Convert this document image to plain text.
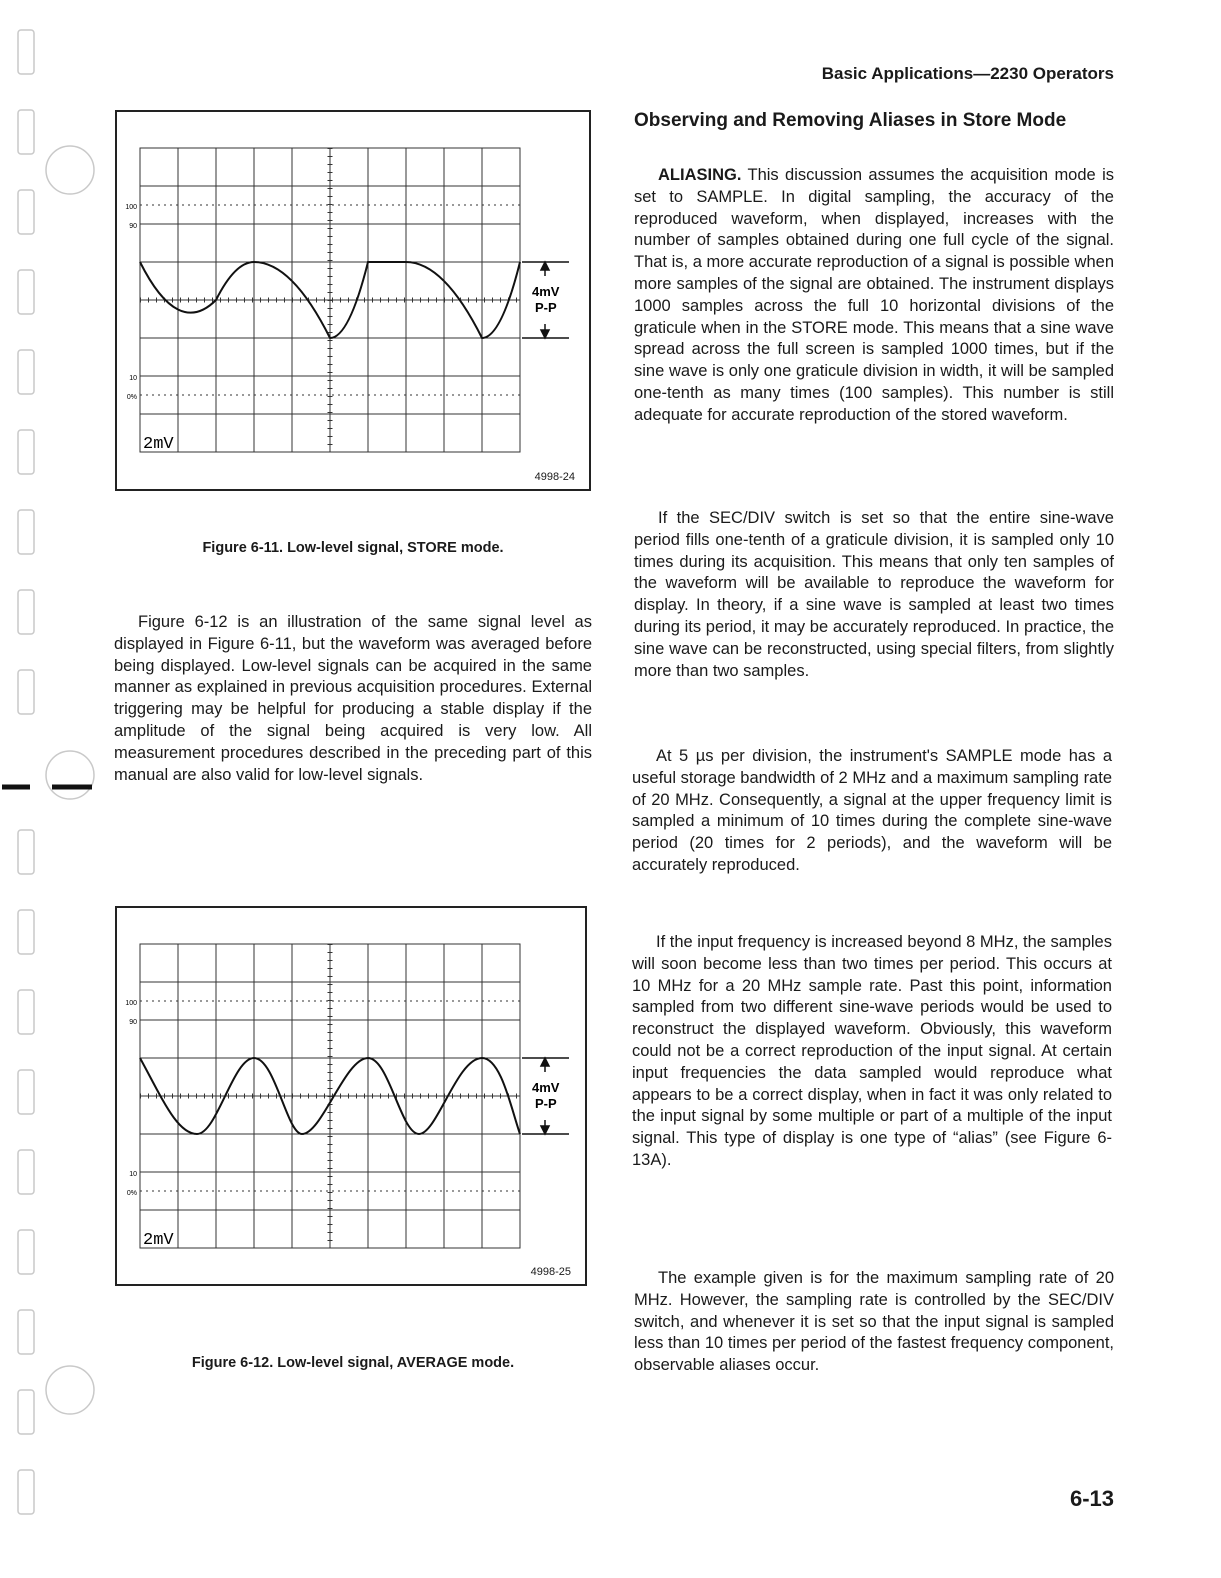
Basic Applications—2230 Operators
Observing and Removing Aliases in Store Mode

ALIASING. This discussion assumes the acquisition mode is set to SAMPLE. In digital sampling, the accuracy of the reproduced waveform, when displayed, increases with the number of samples obtained during one full cycle of the signal. That is, a more accurate reproduction of a signal is possible when more samples of the signal are obtained. The instrument displays 1000 samples across the full 10 horizontal divisions of the graticule when in the STORE mode. This means that a sine wave spread across the full screen is sampled 1000 times, but if the sine wave is only one graticule division in width, it will be sampled one-tenth as many times (100 samples). This number is still adequate for accurate reproduction of the stored waveform.

If the SEC/DIV switch is set so that the entire sine-wave period fills one-tenth of a graticule division, it is sampled only 10 times during its acquisition. This means that only ten samples of the waveform will be available to reproduce the waveform for display. In theory, if a sine wave is sampled at least two times during its period, it may be accurately reproduced. In practice, the sine wave can be reconstructed, using special filters, from slightly more than two samples.

At 5 µs per division, the instrument's SAMPLE mode has a useful storage bandwidth of 2 MHz and a maximum sampling rate of 20 MHz. Consequently, a signal at the upper frequency limit is sampled a minimum of 10 times during the complete sine-wave period (20 times for 2 periods), and the waveform will be accurately reproduced.

If the input frequency is increased beyond 8 MHz, the samples will soon become less than two times per period. This occurs at 10 MHz for a 20 MHz sample rate. Past this point, information sampled from two different sine-wave periods would be used to reconstruct the displayed waveform. Obviously, this waveform could not be a correct reproduction of the input signal. At certain input frequencies the data sampled would reproduce what appears to be a correct display, when in fact it was only related to the input signal by some multiple or part of a multiple of the input signal. This type of display is one type of “alias” (see Figure 6-13A).

The example given is for the maximum sampling rate of 20 MHz. However, the sampling rate is controlled by the SEC/DIV switch, and whenever it is set so that the input signal is sampled less than 10 times per period of the fastest frequency component, observable aliases occur.

Figure 6-12 is an illustration of the same signal level as displayed in Figure 6-11, but the waveform was averaged before being displayed. Low-level signals can be acquired in the same manner as explained in previous acquisition procedures. External triggering may be helpful for producing a stable display if the amplitude of the signal being acquired is very low. All measurement procedures described in the preceding part of this manual are also valid for low-level signals.

4mV
P-P
100
90
10
0%
2mV
4998-24
Figure 6-11. Low-level signal, STORE mode.
4mV
P-P
100
90
10
0%
2mV
4998-25
Figure 6-12. Low-level signal, AVERAGE mode.
6-13
